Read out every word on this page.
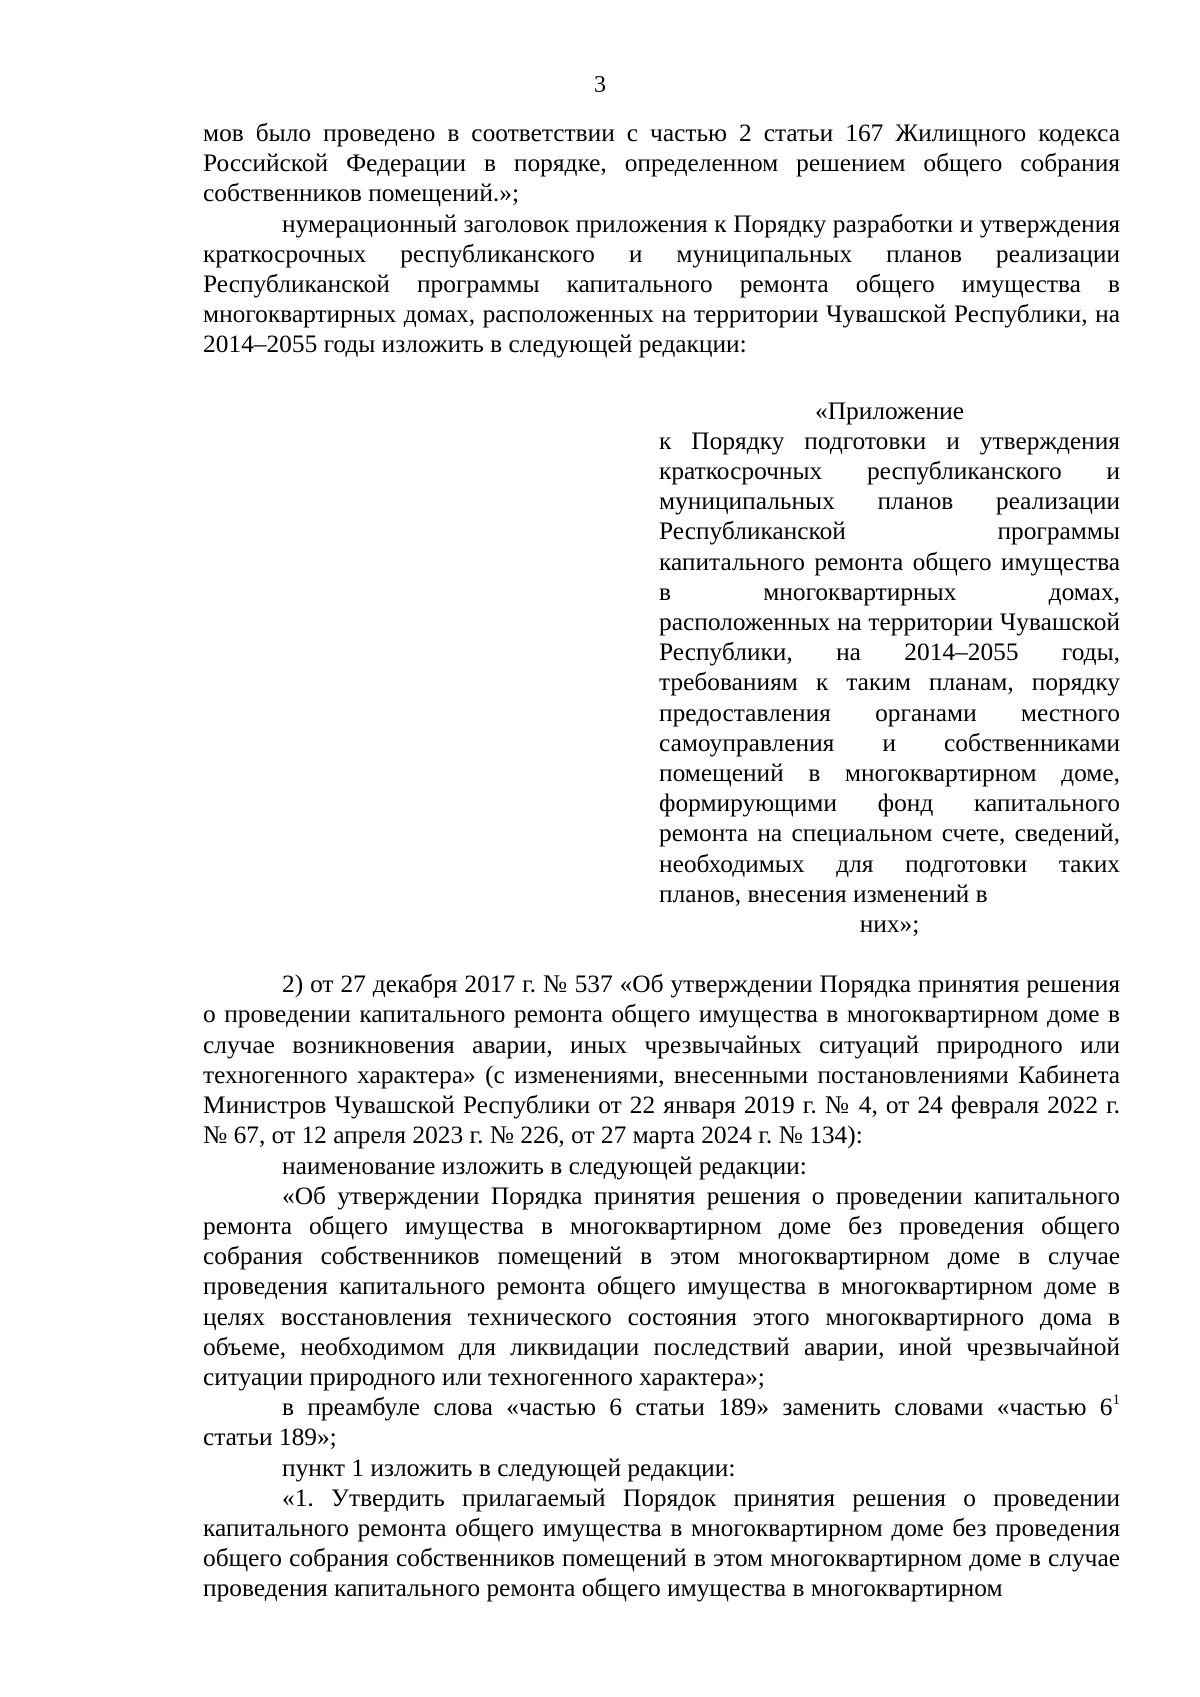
3

мов было проведено в соответствии с частью 2 статьи 167 Жилищного кодекса Российской Федерации в порядке, определенном решением общего собрания собственников помещений.»;

нумерационный заголовок приложения к Порядку разработки и утверждения краткосрочных республиканского и муниципальных планов реализации Республиканской программы капитального ремонта общего имущества в многоквартирных домах, расположенных на территории Чувашской Республики, на 2014–2055 годы изложить в следующей редакции:

«Приложение

к Порядку подготовки и утверждения краткосрочных республиканского и муниципальных планов реализации Республиканской программы капитального ремонта общего имущества в многоквартирных домах, расположенных на территории Чувашской Республики, на 2014–2055 годы, требованиям к таким планам, порядку предоставления органами местного самоуправления и собственниками помещений в многоквартирном доме, формирующими фонд капитального ремонта на специальном счете, сведений, необходимых для подготовки таких планов, внесения изменений в

них»;

2) от 27 декабря 2017 г. № 537 «Об утверждении Порядка принятия решения о проведении капитального ремонта общего имущества в многоквартирном доме в случае возникновения аварии, иных чрезвычайных ситуаций природного или техногенного характера» (с изменениями, внесенными постановлениями Кабинета Министров Чувашской Республики от 22 января 2019 г. № 4, от 24 февраля 2022 г. № 67, от 12 апреля 2023 г. № 226, от 27 марта 2024 г. № 134):

наименование изложить в следующей редакции:

«Об утверждении Порядка принятия решения о проведении капитального ремонта общего имущества в многоквартирном доме без проведения общего собрания собственников помещений в этом многоквартирном доме в случае проведения капитального ремонта общего имущества в многоквартирном доме в целях восстановления технического состояния этого многоквартирного дома в объеме, необходимом для ликвидации последствий аварии, иной чрезвычайной ситуации природного или техногенного характера»;

в преамбуле слова «частью 6 статьи 189» заменить словами «частью $6^1$ статьи 189»;

пункт 1 изложить в следующей редакции:

«1. Утвердить прилагаемый Порядок принятия решения о проведении капитального ремонта общего имущества в многоквартирном доме без проведения общего собрания собственников помещений в этом многоквартирном доме в случае проведения капитального ремонта общего имущества в многоквартирном
